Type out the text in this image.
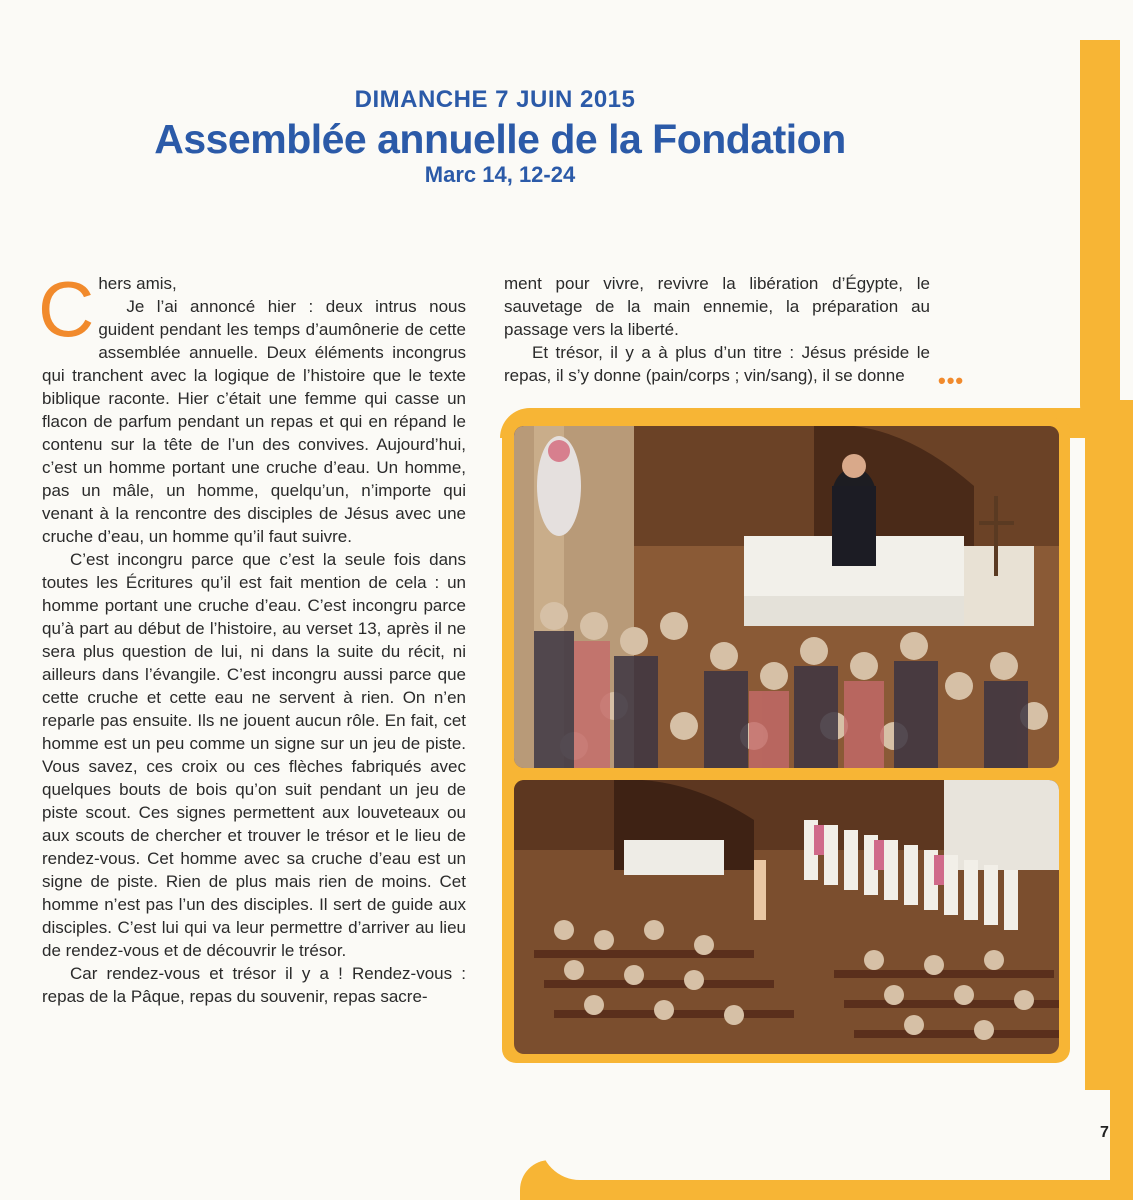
7
DIMANCHE 7 JUIN 2015
Assemblée annuelle de la Fondation
Marc 14, 12-24
C hers amis,

Je l’ai annoncé hier : deux intrus nous guident pendant les temps d’aumônerie de cette assemblée annuelle. Deux éléments incongrus qui tranchent avec la logique de l’histoire que le texte biblique raconte. Hier c’était une femme qui casse un flacon de parfum pendant un repas et qui en répand le contenu sur la tête de l’un des convives. Aujourd’hui, c’est un homme portant une cruche d’eau. Un homme, pas un mâle, un homme, quelqu’un, n’importe qui venant à la rencontre des disciples de Jésus avec une cruche d’eau, un homme qu’il faut suivre.

C’est incongru parce que c’est la seule fois dans toutes les Écritures qu’il est fait mention de cela : un homme portant une cruche d’eau. C’est incongru parce qu’à part au début de l’histoire, au verset 13, après il ne sera plus question de lui, ni dans la suite du récit, ni ailleurs dans l’évangile. C’est incongru aussi parce que cette cruche et cette eau ne servent à rien. On n’en reparle pas ensuite. Ils ne jouent aucun rôle. En fait, cet homme est un peu comme un signe sur un jeu de piste. Vous savez, ces croix ou ces flèches fabriqués avec quelques bouts de bois qu’on suit pendant un jeu de piste scout. Ces signes permettent aux louveteaux ou aux scouts de chercher et trouver le trésor et le lieu de rendez-vous. Cet homme avec sa cruche d’eau est un signe de piste. Rien de plus mais rien de moins. Cet homme n’est pas l’un des disciples. Il sert de guide aux disciples. C’est lui qui va leur permettre d’arriver au lieu de rendez-vous et de découvrir le trésor.

Car rendez-vous et trésor il y a ! Rendez-vous : repas de la Pâque, repas du souvenir, repas sacre-

ment pour vivre, revivre la libération d’Égypte, le sauvetage de la main ennemie, la préparation au passage vers la liberté.

Et trésor, il y a à plus d’un titre : Jésus préside le repas, il s’y donne (pain/corps ; vin/sang), il se donne	•••
